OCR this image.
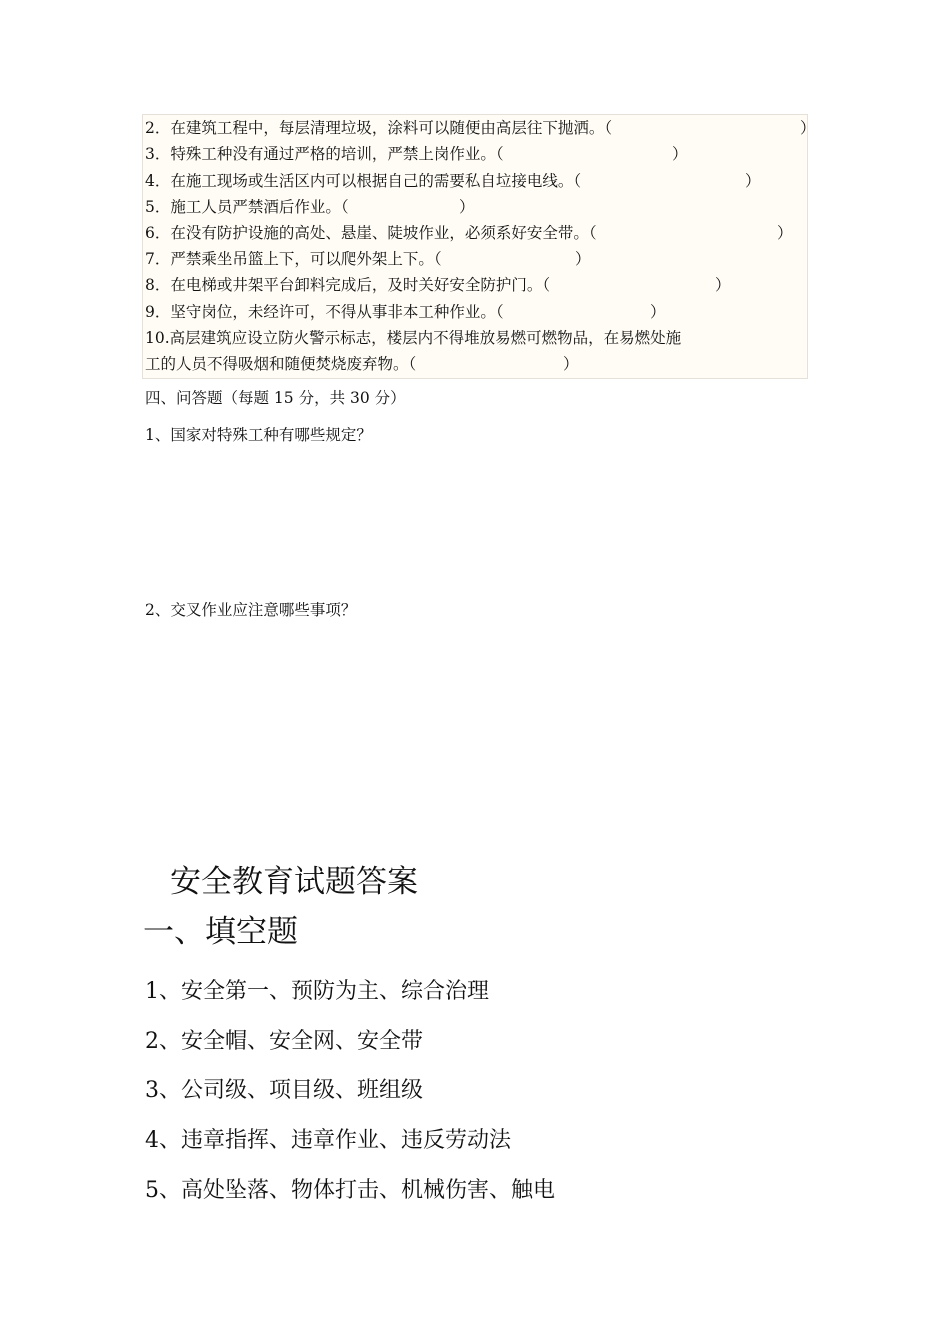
2．在建筑工程中，每层清理垃圾，涂料可以随便由高层往下抛洒。（	）
3．特殊工种没有通过严格的培训，严禁上岗作业。（	）
4．在施工现场或生活区内可以根据自己的需要私自垃接电线。（	）
5．施工人员严禁酒后作业。（	）
6．在没有防护设施的高处、悬崖、陡坡作业，必须系好安全带。（	）
7．严禁乘坐吊篮上下，可以爬外架上下。（	）
8．在电梯或井架平台卸料完成后，及时关好安全防护门。（	）
9．坚守岗位，未经许可，不得从事非本工种作业。（	）
10.高层建筑应设立防火警示标志，楼层内不得堆放易燃可燃物品，在易燃处施
工的人员不得吸烟和随便焚烧废弃物。（	）
四、问答题（每题 15 分，共 30 分）
1、国家对特殊工种有哪些规定？
2、交叉作业应注意哪些事项？
安全教育试题答案
一、填空题
1、安全第一、预防为主、综合治理
2、安全帽、安全网、安全带
3、公司级、项目级、班组级
4、违章指挥、违章作业、违反劳动法
5、高处坠落、物体打击、机械伤害、触电
